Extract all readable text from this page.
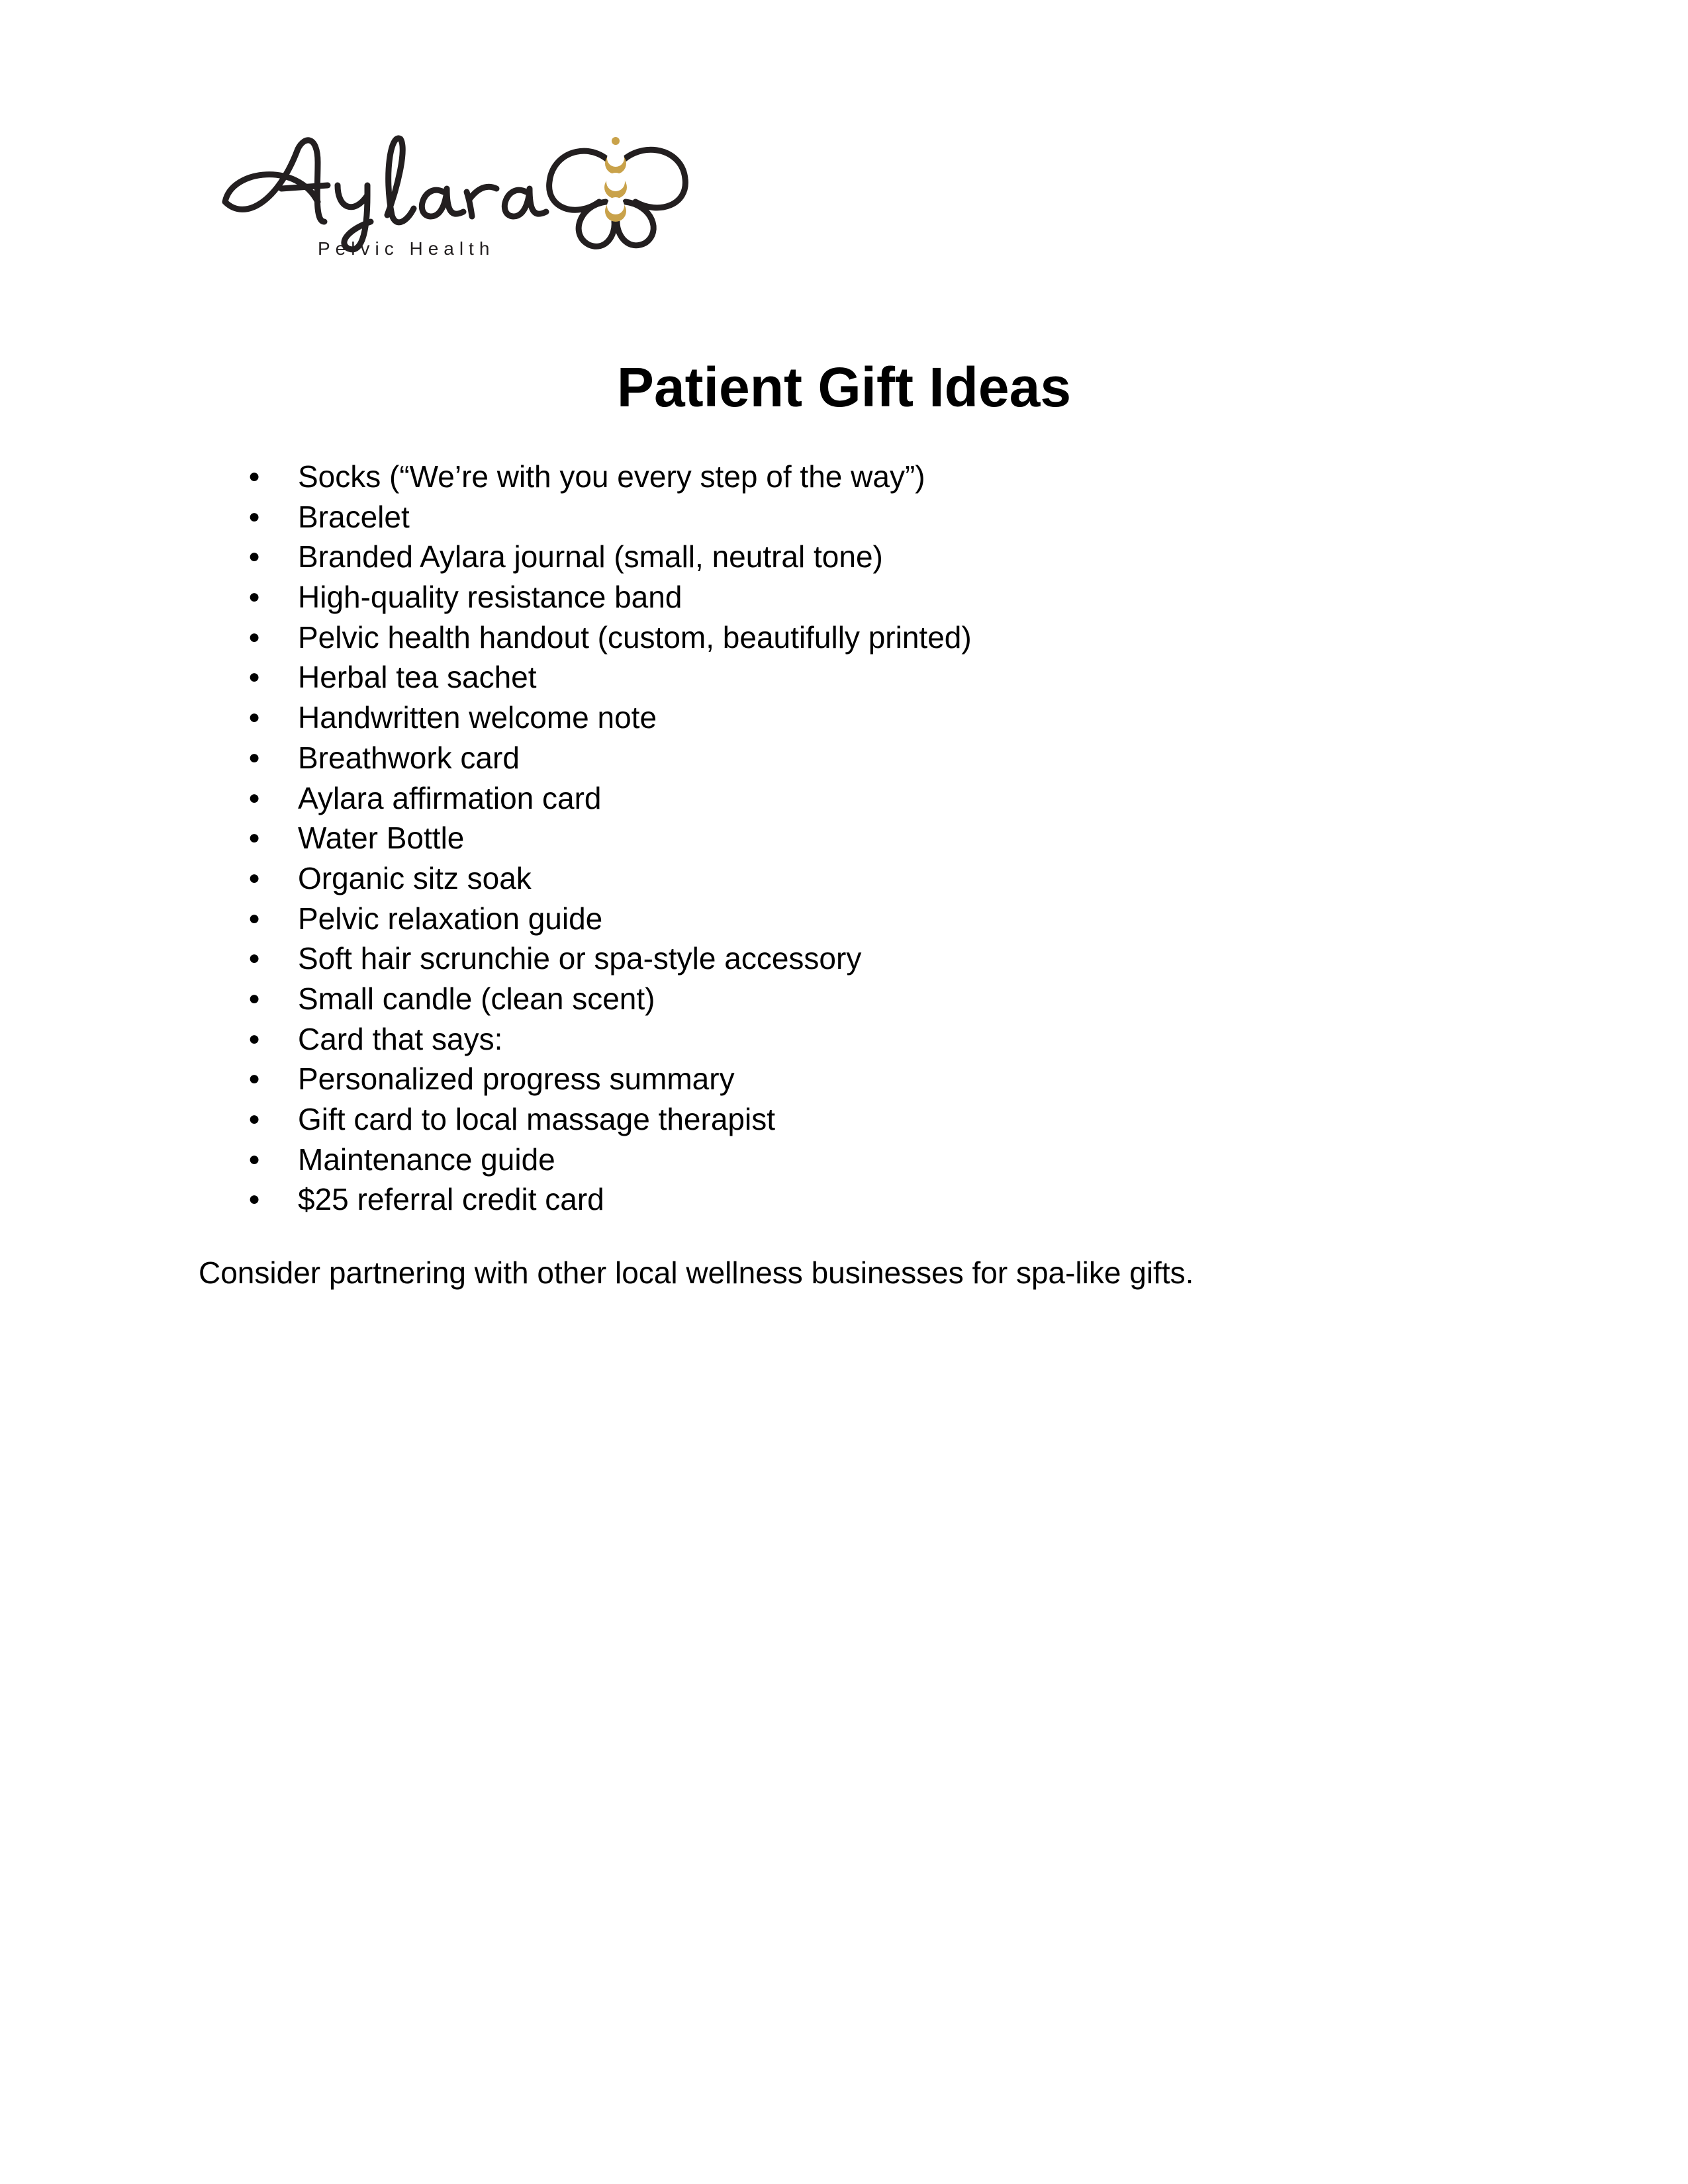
Pelvic Health
Patient Gift Ideas
● Socks (“We’re with you every step of the way”)
● Bracelet
● Branded Aylara journal (small, neutral tone)
● High-quality resistance band
● Pelvic health handout (custom, beautifully printed)
● Herbal tea sachet
● Handwritten welcome note
● Breathwork card
● Aylara affirmation card
● Water Bottle
● Organic sitz soak
● Pelvic relaxation guide
● Soft hair scrunchie or spa-style accessory
● Small candle (clean scent)
● Card that says:
● Personalized progress summary
● Gift card to local massage therapist
● Maintenance guide
● $25 referral credit card

Consider partnering with other local wellness businesses for spa-like gifts.
